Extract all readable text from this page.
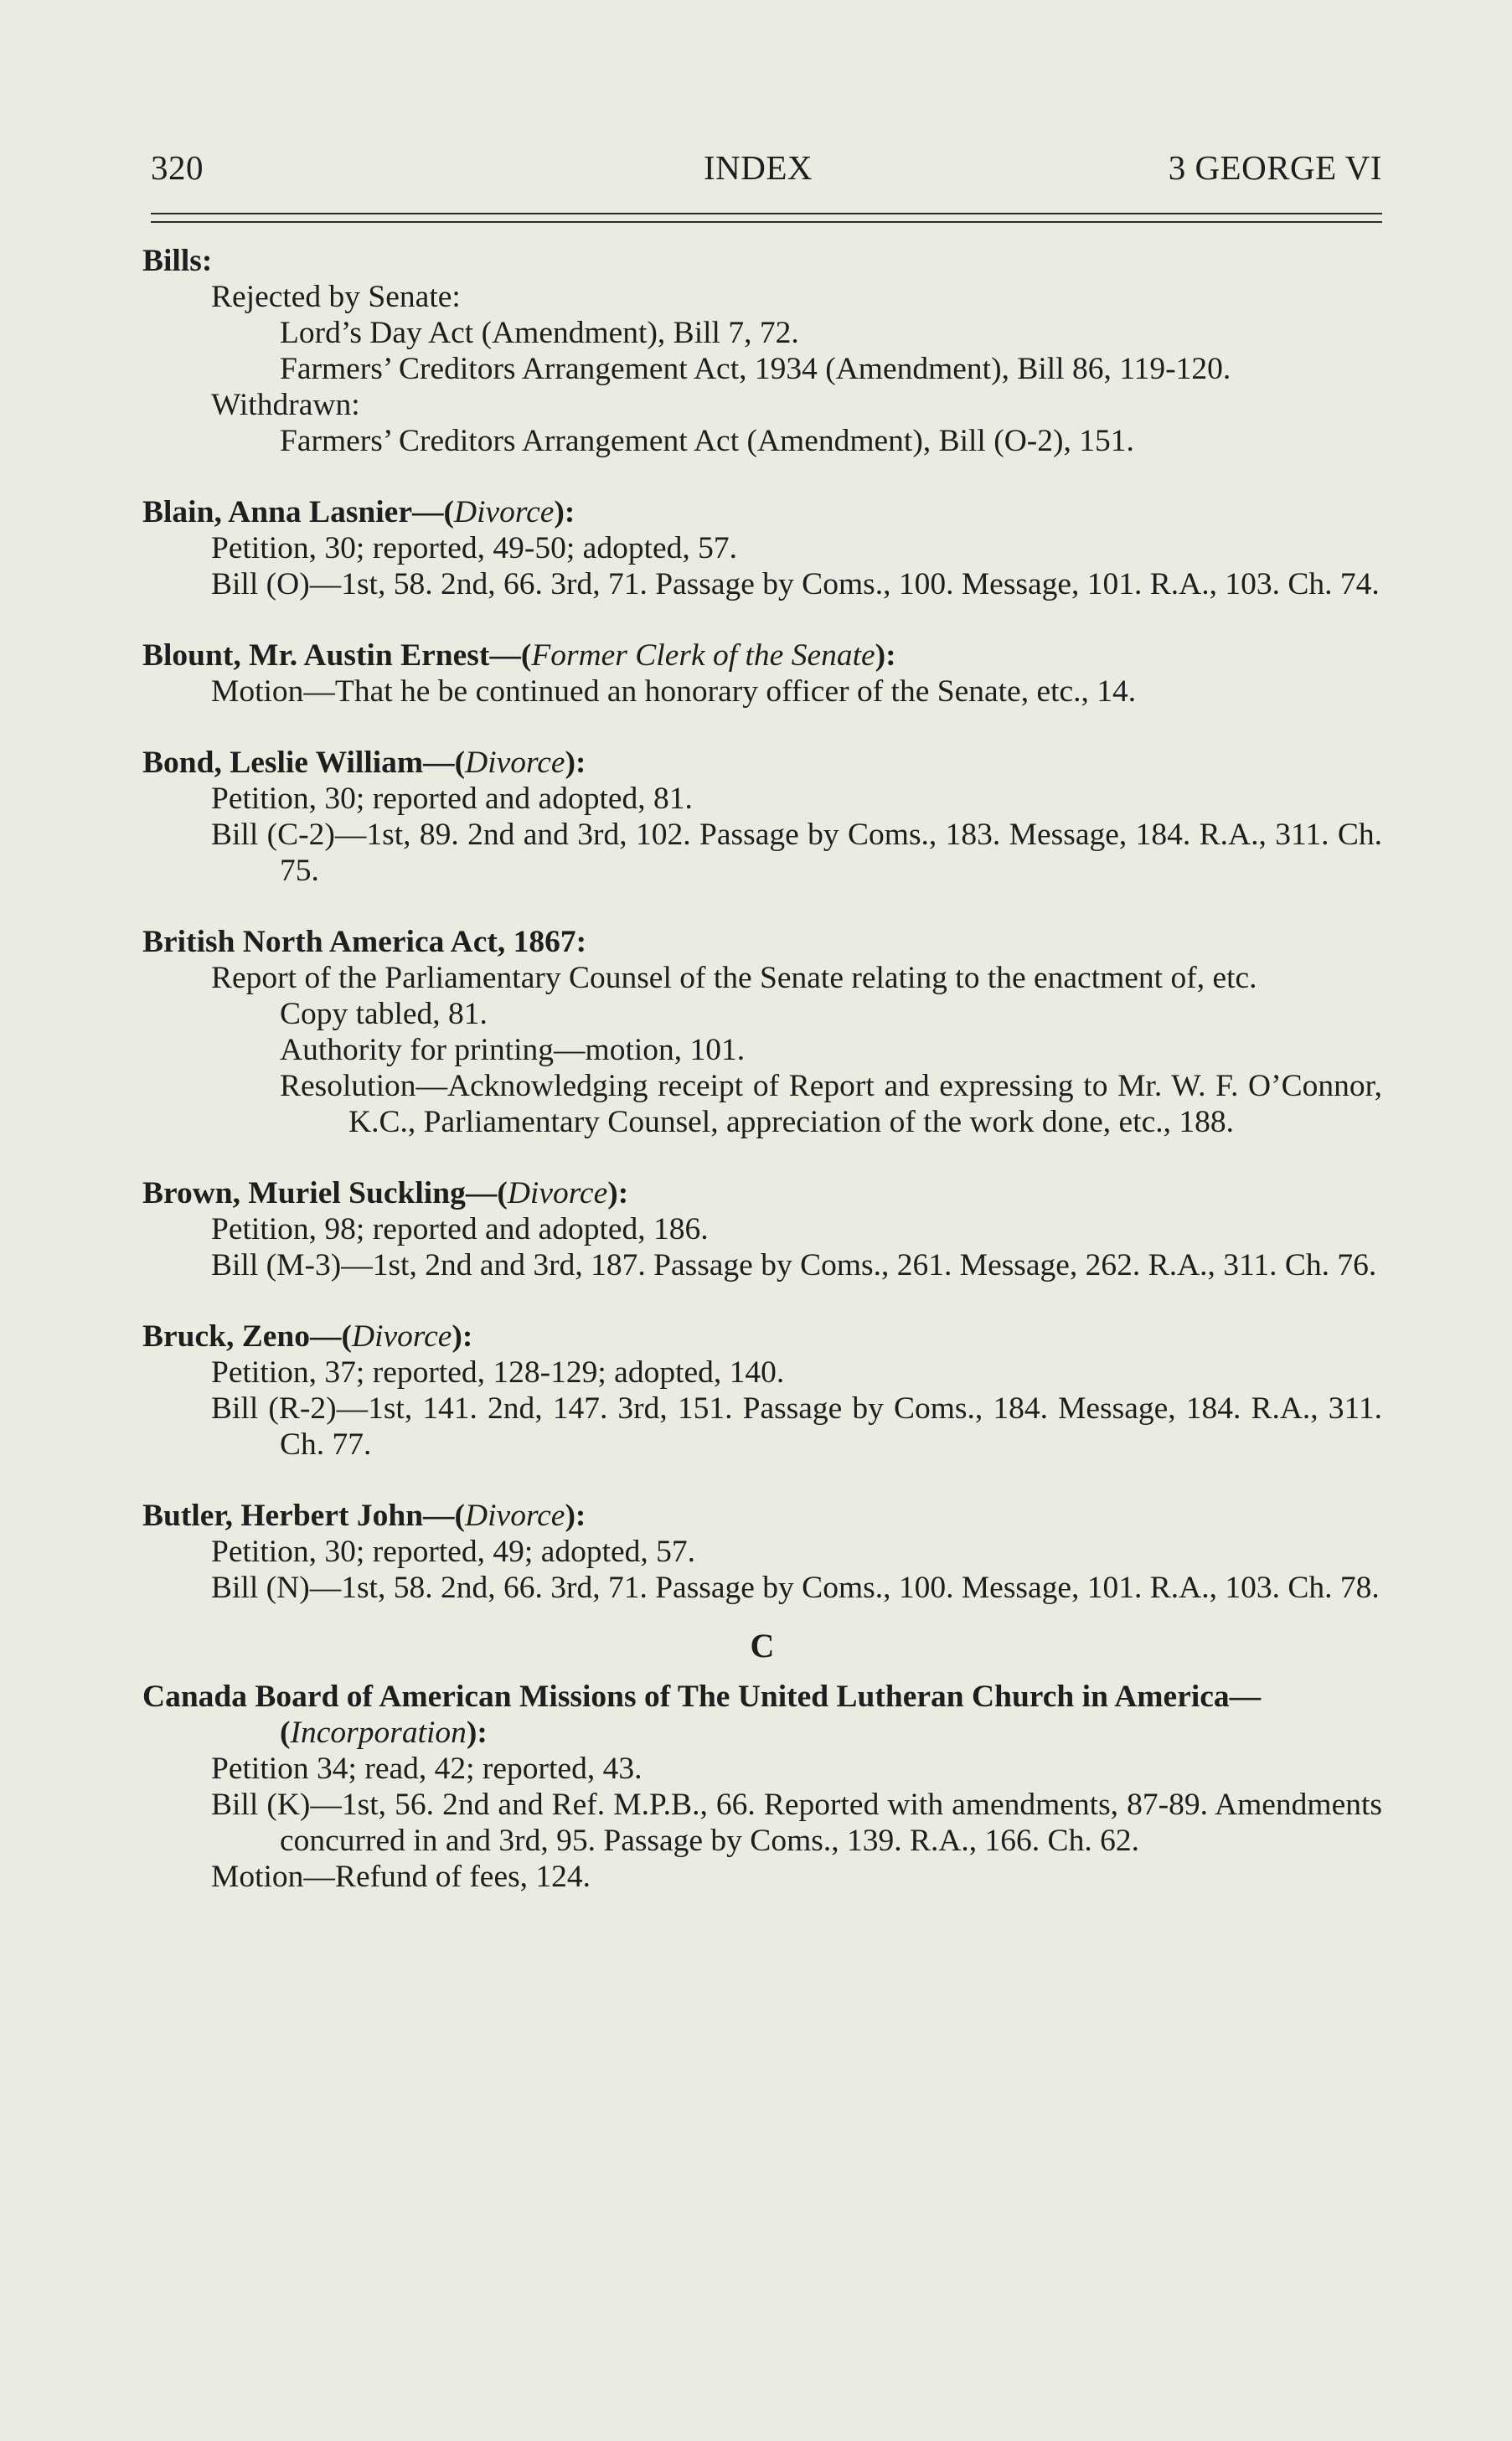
320	INDEX	3 GEORGE VI
Bills:
Rejected by Senate:
Lord’s Day Act (Amendment), Bill 7, 72.
Farmers’ Creditors Arrangement Act, 1934 (Amendment), Bill 86, 119-120.
Withdrawn:
Farmers’ Creditors Arrangement Act (Amendment), Bill (O-2), 151.
Blain, Anna Lasnier—(Divorce):
Petition, 30; reported, 49-50; adopted, 57.
Bill (O)—1st, 58. 2nd, 66. 3rd, 71. Passage by Coms., 100. Message, 101. R.A., 103. Ch. 74.
Blount, Mr. Austin Ernest—(Former Clerk of the Senate):
Motion—That he be continued an honorary officer of the Senate, etc., 14.
Bond, Leslie William—(Divorce):
Petition, 30; reported and adopted, 81.
Bill (C-2)—1st, 89. 2nd and 3rd, 102. Passage by Coms., 183. Message, 184. R.A., 311. Ch. 75.
British North America Act, 1867:
Report of the Parliamentary Counsel of the Senate relating to the enactment of, etc.
Copy tabled, 81.
Authority for printing—motion, 101.
Resolution—Acknowledging receipt of Report and expressing to Mr. W. F. O’Connor, K.C., Parliamentary Counsel, appreciation of the work done, etc., 188.
Brown, Muriel Suckling—(Divorce):
Petition, 98; reported and adopted, 186.
Bill (M-3)—1st, 2nd and 3rd, 187. Passage by Coms., 261. Message, 262. R.A., 311. Ch. 76.
Bruck, Zeno—(Divorce):
Petition, 37; reported, 128-129; adopted, 140.
Bill (R-2)—1st, 141. 2nd, 147. 3rd, 151. Passage by Coms., 184. Message, 184. R.A., 311. Ch. 77.
Butler, Herbert John—(Divorce):
Petition, 30; reported, 49; adopted, 57.
Bill (N)—1st, 58. 2nd, 66. 3rd, 71. Passage by Coms., 100. Message, 101. R.A., 103. Ch. 78.
C
Canada Board of American Missions of The United Lutheran Church in America—(Incorporation):
Petition 34; read, 42; reported, 43.
Bill (K)—1st, 56. 2nd and Ref. M.P.B., 66. Reported with amendments, 87-89. Amendments concurred in and 3rd, 95. Passage by Coms., 139. R.A., 166. Ch. 62.
Motion—Refund of fees, 124.
